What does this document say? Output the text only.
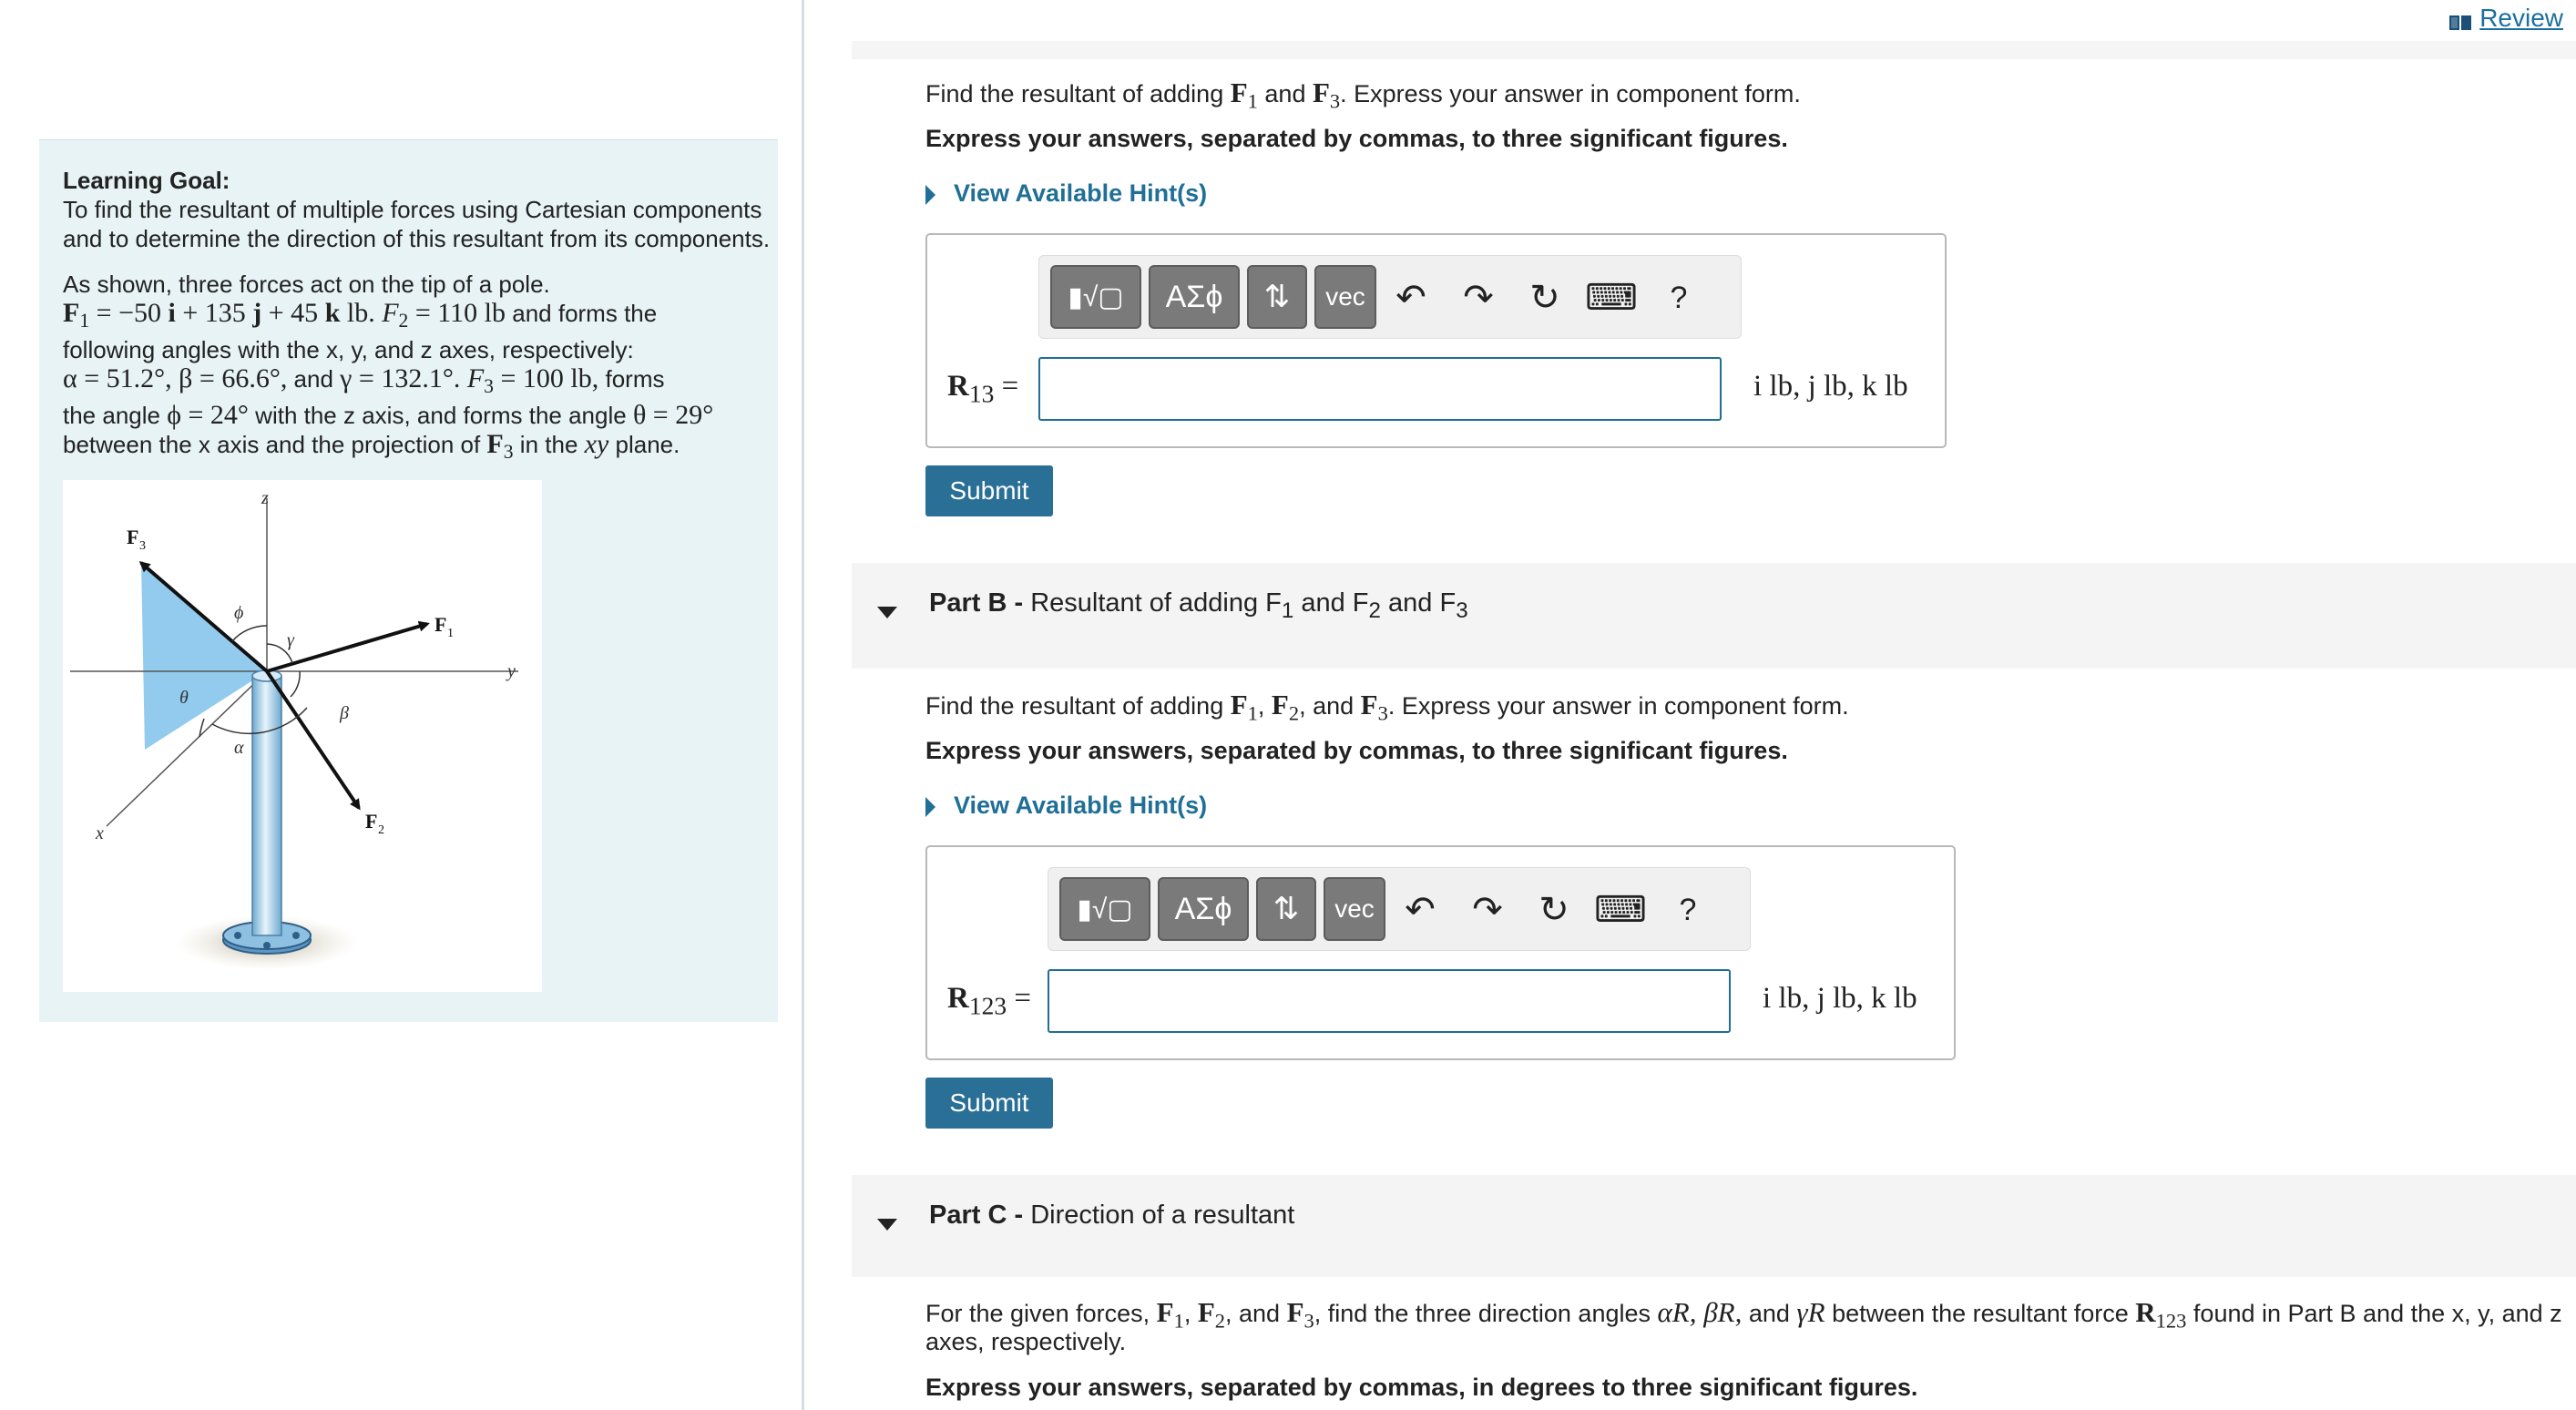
Learning Goal:

To find the resultant of multiple forces using Cartesian components and to determine the direction of this resultant from its components.

As shown, three forces act on the tip of a pole.

$F_1 = -50$ i + 135 j + 45 k lb. $F_2 = 110$ lb and forms the

following angles with the x, y, and z axes, respectively:

α = 51.2°, β = 66.6°, and γ = 132.1°. $F_3 = 100$ lb, forms

the angle ϕ = 24° with the z axis, and forms the angle θ = 29°

between the x axis and the projection of $F_3$ in the xy plane.

z
y
x
F 3
F 1
F 2
ϕ
γ
β
θ
α
Review
Find the resultant of adding $F_1$ and $F_3$. Express your answer in component form.
Express your answers, separated by commas, to three significant figures.
View Available Hint(s)
▮√▢	ΑΣϕ	⇅	vec ↶ ↷ ↻ ⌨	?
$R_{13}$ =	i lb, j lb, k lb
Submit
Part B - Resultant of adding $F_1$ and $F_2$ and $F_3$
Find the resultant of adding $F_1$, $F_2$, and $F_3$. Express your answer in component form.
Express your answers, separated by commas, to three significant figures.
View Available Hint(s)
▮√▢	ΑΣϕ	⇅	vec ↶ ↷ ↻ ⌨	?
$R_{123}$ =	i lb, j lb, k lb
Submit
Part C - Direction of a resultant
For the given forces, $F_1$, $F_2$, and $F_3$, find the three direction angles αR, βR, and γR between the resultant force $R_{123}$ found in Part B and the x, y, and z
axes, respectively.
Express your answers, separated by commas, in degrees to three significant figures.
